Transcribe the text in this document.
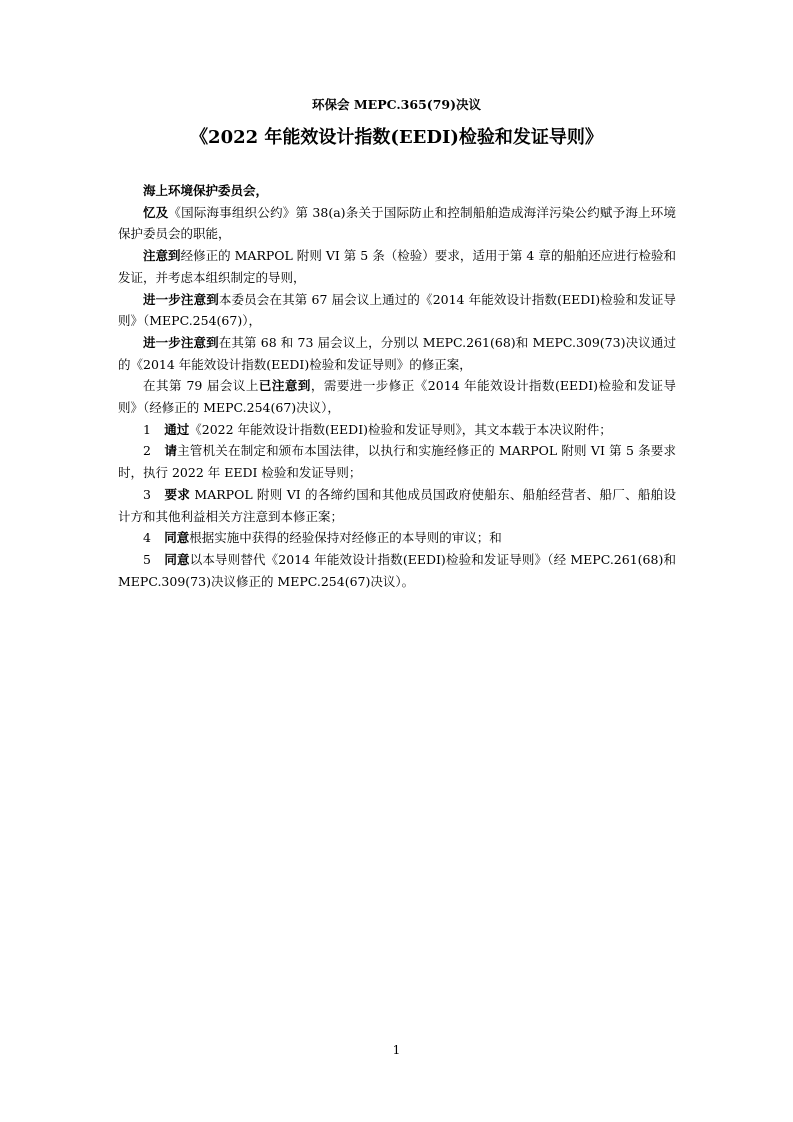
环保会 MEPC.365(79)决议
《2022 年能效设计指数(EEDI)检验和发证导则》

海上环境保护委员会，

忆及《国际海事组织公约》第 38(a)条关于国际防止和控制船舶造成海洋污染公约赋予海上环境保护委员会的职能，

注意到经修正的 MARPOL 附则 VI 第 5 条（检验）要求，适用于第 4 章的船舶还应进行检验和发证，并考虑本组织制定的导则，

进一步注意到本委员会在其第 67 届会议上通过的《2014 年能效设计指数(EEDI)检验和发证导则》（MEPC.254(67)），

进一步注意到在其第 68 和 73 届会议上，分别以 MEPC.261(68)和 MEPC.309(73)决议通过的《2014 年能效设计指数(EEDI)检验和发证导则》的修正案，

在其第 79 届会议上已注意到，需要进一步修正《2014 年能效设计指数(EEDI)检验和发证导则》（经修正的 MEPC.254(67)决议），

1 通过《2022 年能效设计指数(EEDI)检验和发证导则》，其文本载于本决议附件；

2 请主管机关在制定和颁布本国法律，以执行和实施经修正的 MARPOL 附则 VI 第 5 条要求时，执行 2022 年 EEDI 检验和发证导则；

3 要求 MARPOL 附则 VI 的各缔约国和其他成员国政府使船东、船舶经营者、船厂、船舶设计方和其他利益相关方注意到本修正案；

4 同意根据实施中获得的经验保持对经修正的本导则的审议；和

5 同意以本导则替代《2014 年能效设计指数(EEDI)检验和发证导则》（经 MEPC.261(68)和 MEPC.309(73)决议修正的 MEPC.254(67)决议）。

1
